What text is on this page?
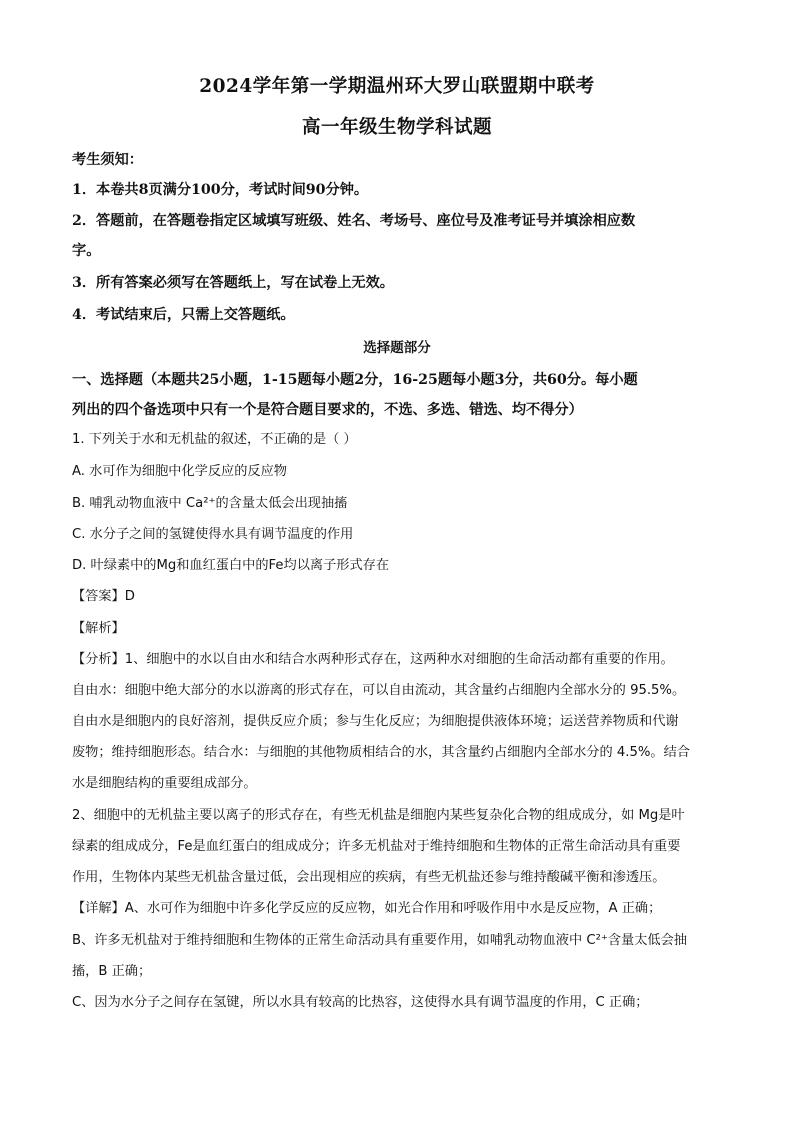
2024学年第一学期温州环大罗山联盟期中联考
高一年级生物学科试题
考生须知：
1．本卷共8页满分100分，考试时间90分钟。
2．答题前，在答题卷指定区域填写班级、姓名、考场号、座位号及准考证号并填涂相应数
字。
3．所有答案必须写在答题纸上，写在试卷上无效。
4．考试结束后，只需上交答题纸。
选择题部分
一、选择题（本题共25小题，1-15题每小题2分，16-25题每小题3分，共60分。每小题
列出的四个备选项中只有一个是符合题目要求的，不选、多选、错选、均不得分）
1. 下列关于水和无机盐的叙述，不正确的是（ ）
A. 水可作为细胞中化学反应的反应物
B. 哺乳动物血液中 Ca²⁺的含量太低会出现抽搐
C. 水分子之间的氢键使得水具有调节温度的作用
D. 叶绿素中的Mg和血红蛋白中的Fe均以离子形式存在
【答案】D
【解析】
【分析】1、细胞中的水以自由水和结合水两种形式存在，这两种水对细胞的生命活动都有重要的作用。
自由水：细胞中绝大部分的水以游离的形式存在，可以自由流动，其含量约占细胞内全部水分的 95.5%。
自由水是细胞内的良好溶剂，提供反应介质；参与生化反应；为细胞提供液体环境；运送营养物质和代谢
废物；维持细胞形态。结合水：与细胞的其他物质相结合的水，其含量约占细胞内全部水分的 4.5%。结合
水是细胞结构的重要组成部分。
2、细胞中的无机盐主要以离子的形式存在，有些无机盐是细胞内某些复杂化合物的组成成分，如 Mg是叶
绿素的组成成分，Fe是血红蛋白的组成成分；许多无机盐对于维持细胞和生物体的正常生命活动具有重要
作用，生物体内某些无机盐含量过低，会出现相应的疾病，有些无机盐还参与维持酸碱平衡和渗透压。
【详解】A、水可作为细胞中许多化学反应的反应物，如光合作用和呼吸作用中水是反应物，A 正确；
B、许多无机盐对于维持细胞和生物体的正常生命活动具有重要作用，如哺乳动物血液中 C²⁺含量太低会抽
搐，B 正确；
C、因为水分子之间存在氢键，所以水具有较高的比热容，这使得水具有调节温度的作用，C 正确；
